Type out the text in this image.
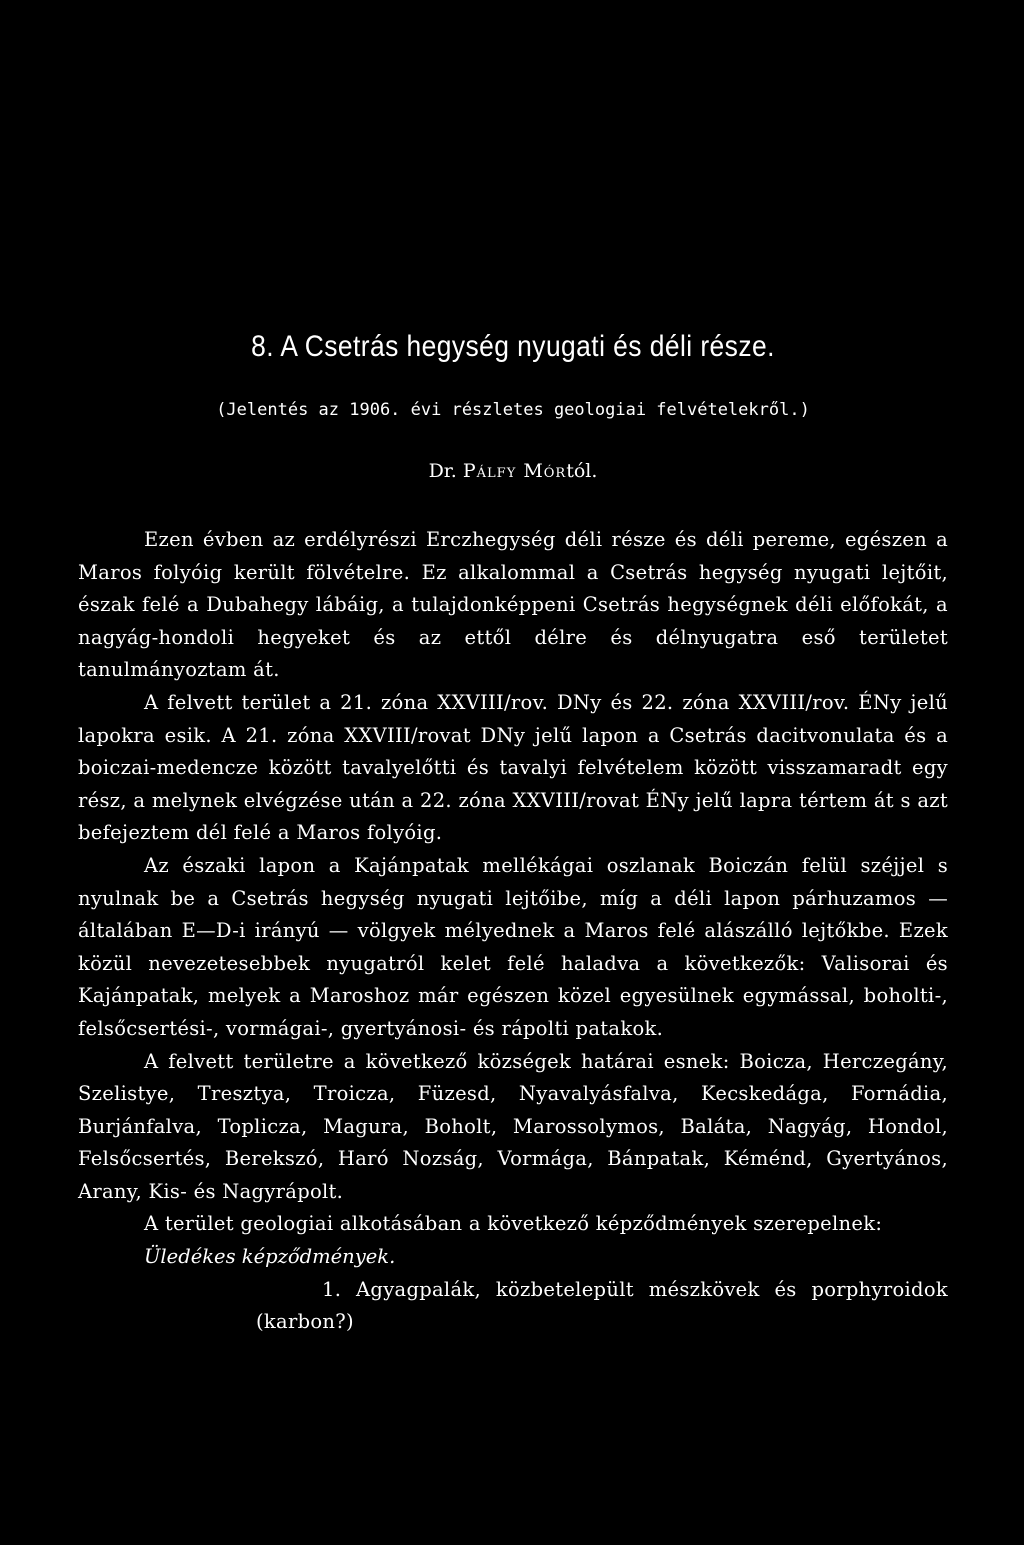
8. A Csetrás hegység nyugati és déli része.
(Jelentés az 1906. évi részletes geologiai felvételekről.)
Dr. Pálfy Mórtól.

Ezen évben az erdélyrészi Erczhegység déli része és déli pereme, egészen a Maros folyóig került fölvételre. Ez alkalommal a Csetrás hegység nyugati lejtőit, észak felé a Dubahegy lábáig, a tulajdonképpeni Csetrás hegységnek déli előfokát, a nagyág-hondoli hegyeket és az ettől délre és délnyugatra eső területet tanulmányoztam át.

A felvett terület a 21. zóna XXVIII/rov. DNy és 22. zóna XXVIII/rov. ÉNy jelű lapokra esik. A 21. zóna XXVIII/rovat DNy jelű lapon a Csetrás dacitvonulata és a boiczai-medencze között tavalyelőtti és tavalyi felvételem között visszamaradt egy rész, a melynek elvégzése után a 22. zóna XXVIII/rovat ÉNy jelű lapra tértem át s azt befejeztem dél felé a Maros folyóig.

Az északi lapon a Kajánpatak mellékágai oszlanak Boiczán felül széjjel s nyulnak be a Csetrás hegység nyugati lejtőibe, míg a déli lapon párhuzamos — általában E—D-i irányú — völgyek mélyednek a Maros felé alászálló lejtőkbe. Ezek közül nevezetesebbek nyugatról kelet felé haladva a következők: Valisorai és Kajánpatak, melyek a Maroshoz már egészen közel egyesülnek egymással, boholti-, felsőcsertési-, vormágai-, gyertyánosi- és rápolti patakok.

A felvett területre a következő községek határai esnek: Boicza, Herczegány, Szelistye, Tresztya, Troicza, Füzesd, Nyavalyásfalva, Kecskedága, Fornádia, Burjánfalva, Toplicza, Magura, Boholt, Marossolymos, Baláta, Nagyág, Hondol, Felsőcsertés, Berekszó, Haró Nozság, Vormága, Bánpatak, Kéménd, Gyertyános, Arany, Kis- és Nagyrápolt.

A terület geologiai alkotásában a következő képződmények szerepelnek:

Üledékes képződmények.

1. Agyagpalák, közbetelepült mészkövek és porphyroidok (karbon?)
